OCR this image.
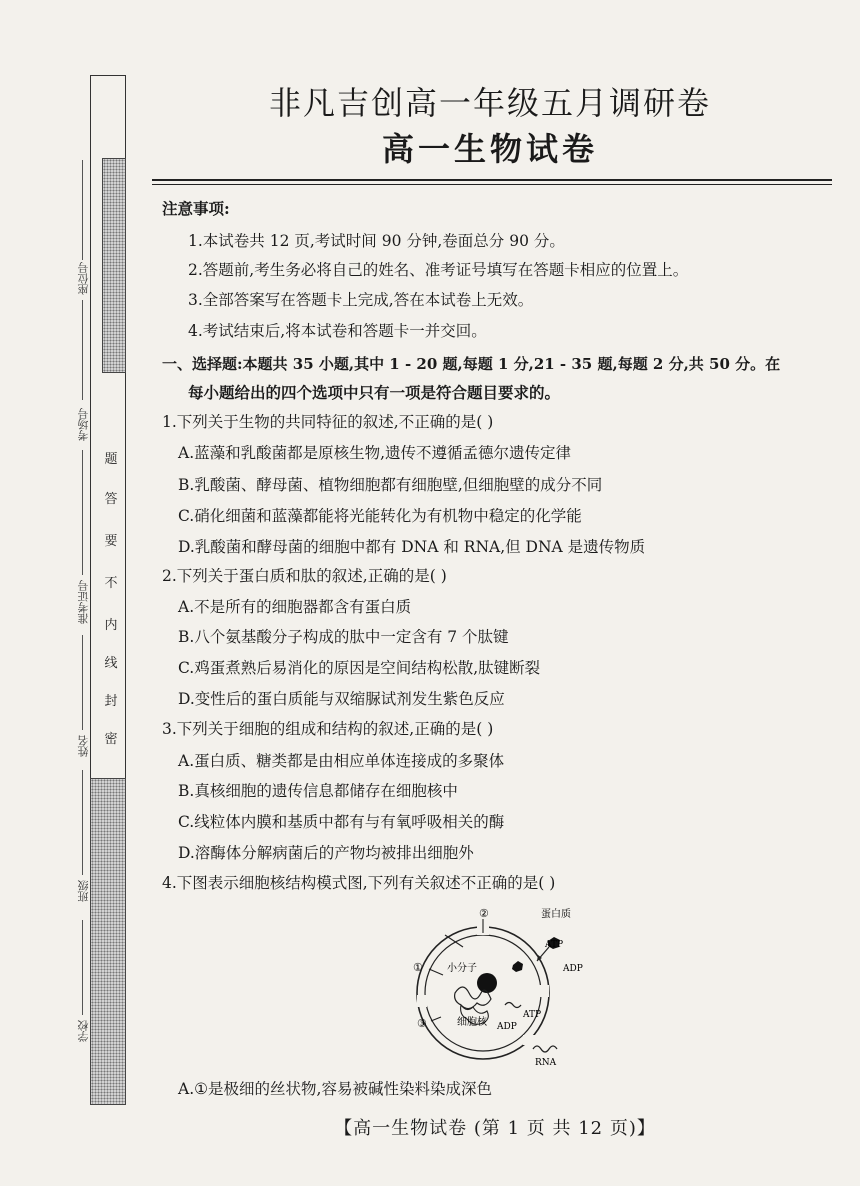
座位号
考场号
准考证号
姓名
班级
学校
密
封
线
内
不
要
答
题
非凡吉创高一年级五月调研卷
高一生物试卷
注意事项:
1.本试卷共 12 页,考试时间 90 分钟,卷面总分 90 分。
2.答题前,考生务必将自己的姓名、准考证号填写在答题卡相应的位置上。
3.全部答案写在答题卡上完成,答在本试卷上无效。
4.考试结束后,将本试卷和答题卡一并交回。
一、选择题:本题共 35 小题,其中 1 - 20 题,每题 1 分,21 - 35 题,每题 2 分,共 50 分。在
每小题给出的四个选项中只有一项是符合题目要求的。
1.下列关于生物的共同特征的叙述,不正确的是( )
A.蓝藻和乳酸菌都是原核生物,遗传不遵循孟德尔遗传定律
B.乳酸菌、酵母菌、植物细胞都有细胞壁,但细胞壁的成分不同
C.硝化细菌和蓝藻都能将光能转化为有机物中稳定的化学能
D.乳酸菌和酵母菌的细胞中都有 DNA 和 RNA,但 DNA 是遗传物质
2.下列关于蛋白质和肽的叙述,正确的是( )
A.不是所有的细胞器都含有蛋白质
B.八个氨基酸分子构成的肽中一定含有 7 个肽键
C.鸡蛋煮熟后易消化的原因是空间结构松散,肽键断裂
D.变性后的蛋白质能与双缩脲试剂发生紫色反应
3.下列关于细胞的组成和结构的叙述,正确的是( )
A.蛋白质、糖类都是由相应单体连接成的多聚体
B.真核细胞的遗传信息都储存在细胞核中
C.线粒体内膜和基质中都有与有氧呼吸相关的酶
D.溶酶体分解病菌后的产物均被排出细胞外
4.下图表示细胞核结构模式图,下列有关叙述不正确的是( )
②	蛋白质
ATP
ADP
① 小分子
ATP
ADP
细胞核
③
RNA
A.①是极细的丝状物,容易被碱性染料染成深色
【高一生物试卷 (第 1 页 共 12 页)】
